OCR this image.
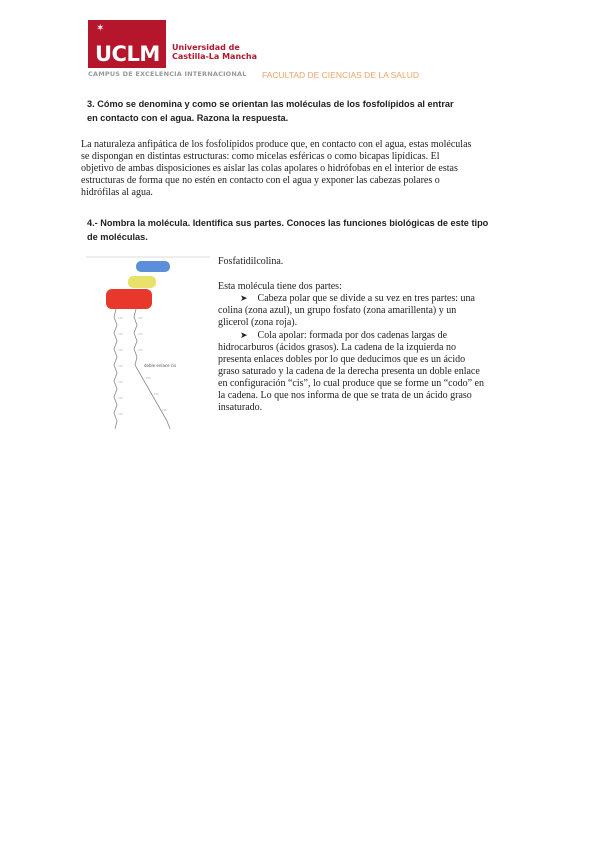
✶
UCLM Universidad de
Castilla-La Mancha
CAMPUS DE EXCELENCIA INTERNACIONAL FACULTAD DE CIENCIAS DE LA SALUD
3. Cómo se denomina y como se orientan las moléculas de los fosfolípidos al entrar
en contacto con el agua. Razona la respuesta.
La naturaleza anfipática de los fosfolípidos produce que, en contacto con el agua, estas moléculas
se dispongan en distintas estructuras: como micelas esféricas o como bicapas lipídicas. El
objetivo de ambas disposiciones es aislar las colas apolares o hidrófobas en el interior de estas
estructuras de forma que no estén en contacto con el agua y exponer las cabezas polares o
hidrófilas al agua.
4.- Nombra la molécula. Identifica sus partes. Conoces las funciones biológicas de este tipo
de moléculas.
CH₂
CH₂
CH₂
CH₂
CH₂
CH₂
CH₂
CH₂
CH₂
CH₂
CH₂
CH₂
CH₂
doble enlace cis
Fosfatidilcolina.
Esta molécula tiene dos partes:
➤ Cabeza polar que se divide a su vez en tres partes: una
colina (zona azul), un grupo fosfato (zona amarillenta) y un
glicerol (zona roja).
➤ Cola apolar: formada por dos cadenas largas de
hidrocarburos (ácidos grasos). La cadena de la izquierda no
presenta enlaces dobles por lo que deducimos que es un ácido
graso saturado y la cadena de la derecha presenta un doble enlace
en configuración “cis”, lo cual produce que se forme un “codo” en
la cadena. Lo que nos informa de que se trata de un ácido graso
insaturado.
